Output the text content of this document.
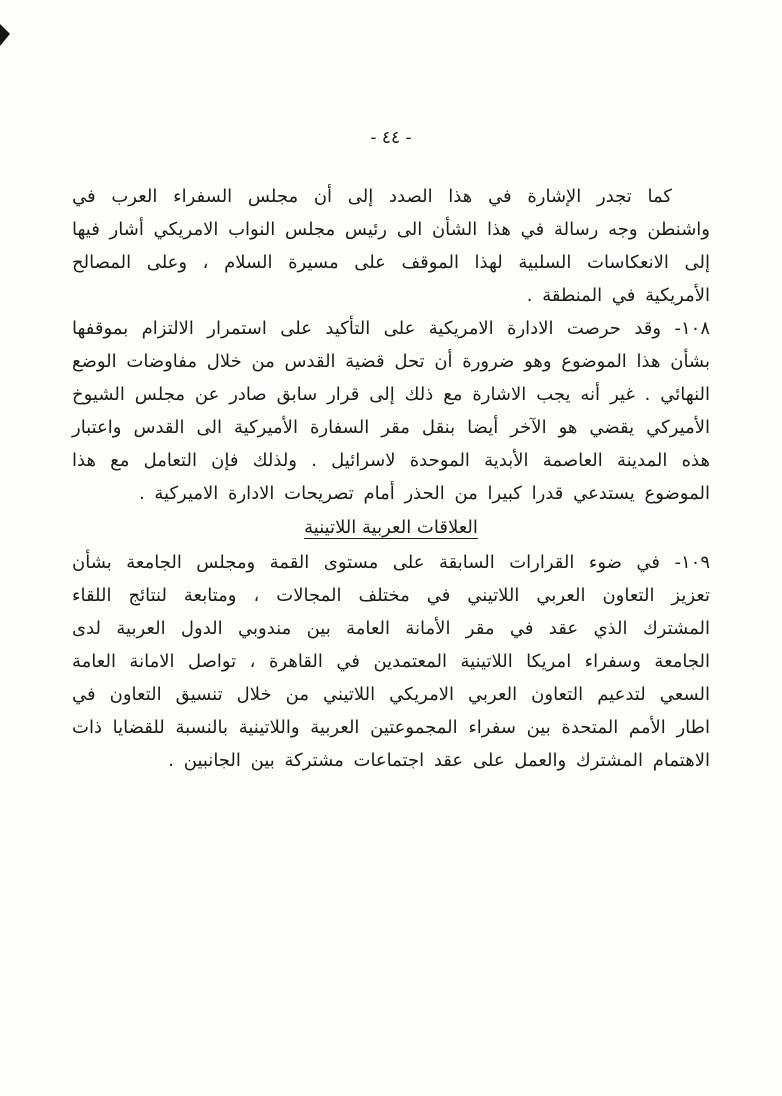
- ٤٤ -

كما تجدر الإشارة في هذا الصدد إلى أن مجلس السفراء العرب في واشنطن وجه رسالة في هذا الشأن الى رئيس مجلس النواب الامريكي أشار فيها إلى الانعكاسات السلبية لهذا الموقف على مسيرة السلام ، وعلى المصالح الأمريكية في المنطقة .

١٠٨- وقد حرصت الادارة الامريكية على التأكيد على استمرار الالتزام بموقفها بشأن هذا الموضوع وهو ضرورة أن تحل قضية القدس من خلال مفاوضات الوضع النهائي . غير أنه يجب الاشارة مع ذلك إلى قرار سابق صادر عن مجلس الشيوخ الأميركي يقضي هو الآخر أيضا بنقل مقر السفارة الأميركية الى القدس واعتبار هذه المدينة العاصمة الأبدية الموحدة لاسرائيل . ولذلك فإن التعامل مع هذا الموضوع يستدعي قدرا كبيرا من الحذر أمام تصريحات الادارة الاميركية .

العلاقات العربية اللاتينية

١٠٩- في ضوء القرارات السابقة على مستوى القمة ومجلس الجامعة بشأن تعزيز التعاون العربي اللاتيني في مختلف المجالات ، ومتابعة لنتائج اللقاء المشترك الذي عقد في مقر الأمانة العامة بين مندوبي الدول العربية لدى الجامعة وسفراء امريكا اللاتينية المعتمدين في القاهرة ، تواصل الامانة العامة السعي لتدعيم التعاون العربي الامريكي اللاتيني من خلال تنسيق التعاون في اطار الأمم المتحدة بين سفراء المجموعتين العربية واللاتينية بالنسبة للقضايا ذات الاهتمام المشترك والعمل على عقد اجتماعات مشتركة بين الجانبين .
